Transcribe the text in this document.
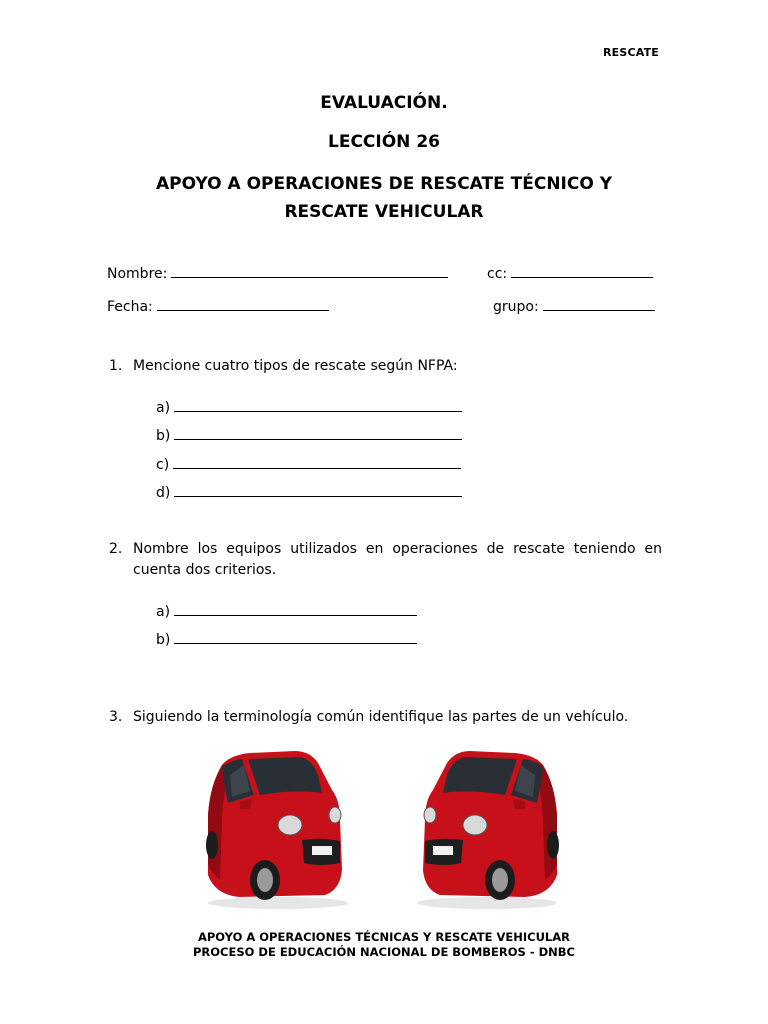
RESCATE
EVALUACIÓN.
LECCIÓN 26
APOYO A OPERACIONES DE RESCATE TÉCNICO Y RESCATE VEHICULAR
Nombre:	cc:
Fecha:	grupo:
1. Mencione cuatro tipos de rescate según NFPA:
a)
b)
c)
d)
2. Nombre los equipos utilizados en operaciones de rescate teniendo en cuenta dos criterios.
a)
b)
3. Siguiendo la terminología común identifique las partes de un vehículo.
APOYO A OPERACIONES TÉCNICAS Y RESCATE VEHICULAR
PROCESO DE EDUCACIÓN NACIONAL DE BOMBEROS - DNBC
